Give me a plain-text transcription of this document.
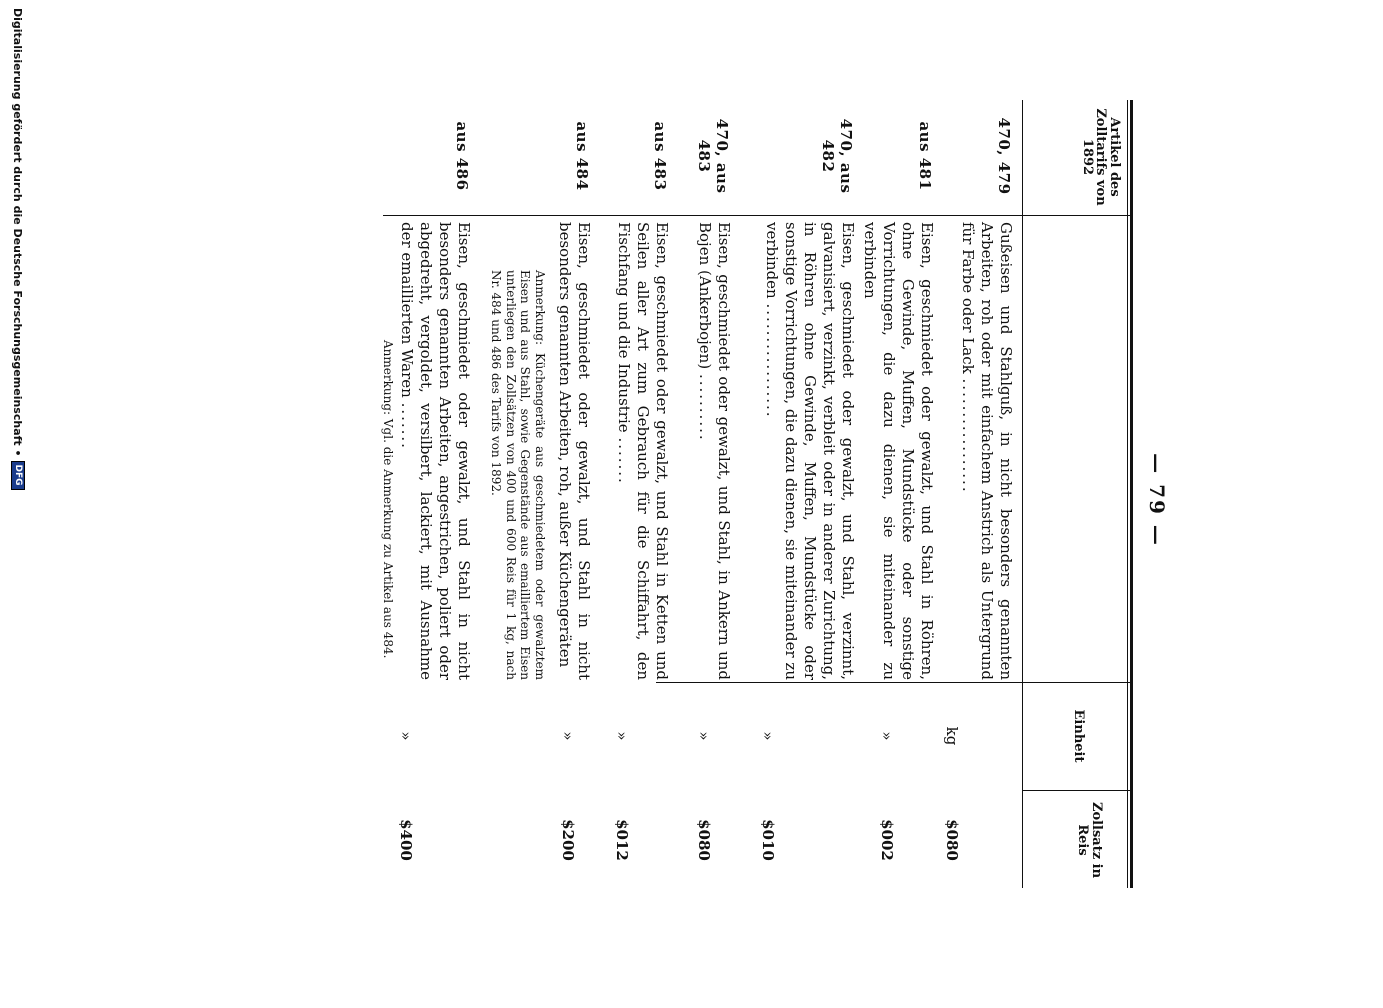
— 79 —
Artikel des Zolltarifs von 1892
Einheit
Zollsatz in Reis
470, 479
Gußeisen und Stahlguß, in nicht besonders genannten Arbeiten, roh oder mit einfachem Anstrich als Untergrund für Farbe oder Lack .................
kg
$080
aus 481
Eisen, geschmiedet oder gewalzt, und Stahl in Röhren, ohne Gewinde, Muffen, Mundstücke oder sonstige Vorrichtungen, die dazu dienen, sie miteinander zu verbinden
»
$002
470, aus 482
Eisen, geschmiedet oder gewalzt, und Stahl, verzinnt, galvanisiert, verzinkt, verbleit oder in anderer Zurichtung, in Röhren ohne Gewinde, Muffen, Mundstücke oder sonstige Vorrichtungen, die dazu dienen, sie miteinander zu verbinden .................
»
$010
470, aus 483
Eisen, geschmiedet oder gewalzt, und Stahl, in Ankern und Bojen (Ankerbojen) ..........
»
$080
aus 483
Eisen, geschmiedet oder gewalzt, und Stahl in Ketten und Seilen aller Art zum Gebrauch für die Schiffahrt, den Fischfang und die Industrie .......
»
$012
aus 484
Eisen, geschmiedet oder gewalzt, und Stahl in nicht besonders genannten Arbeiten, roh, außer Küchengeräten
»
$200
Anmerkung: Küchengeräte aus geschmiedetem oder gewalztem Eisen und aus Stahl, sowie Gegenstände aus emailliertem Eisen unterliegen den Zollsätzen von 400 und 600 Reis für 1 kg, nach Nr. 484 und 486 des Tarifs von 1892.
aus 486
Eisen, geschmiedet oder gewalzt, und Stahl in nicht besonders genannten Arbeiten, angestrichen, poliert oder abgedreht, vergoldet, versilbert, lackiert, mit Ausnahme der emaillierten Waren .......
»
$400
Anmerkung: Vgl. die Anmerkung zu Artikel aus 484.
Digitalisierung gefördert durch die Deutsche Forschungsgemeinschaft •
DFG
